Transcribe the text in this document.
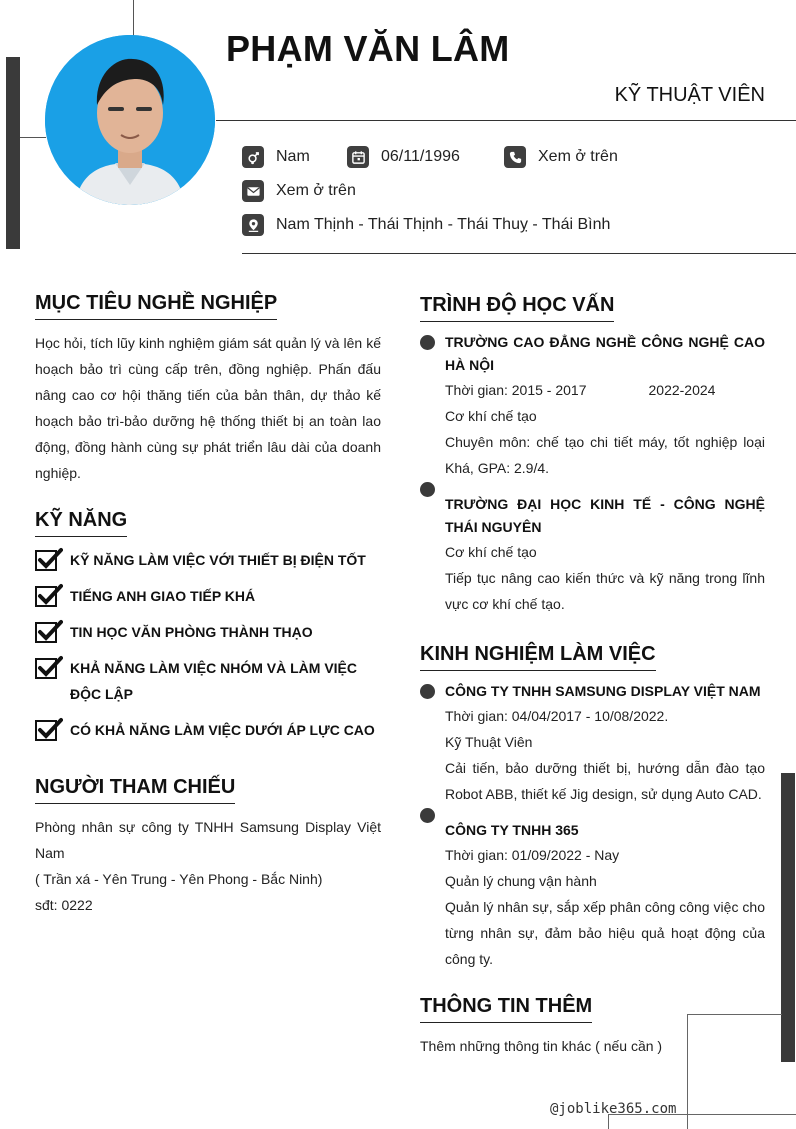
PHẠM VĂN LÂM
KỸ THUẬT VIÊN
Nam	06/11/1996	Xem ở trên
Xem ở trên
Nam Thịnh - Thái Thịnh - Thái Thuỵ - Thái Bình
MỤC TIÊU NGHỀ NGHIỆP
Học hỏi, tích lũy kinh nghiệm giám sát quản lý và lên kế hoạch bảo trì cùng cấp trên, đồng nghiệp. Phấn đấu nâng cao cơ hội thăng tiến của bản thân, dự thảo kế hoạch bảo trì-bảo dưỡng hệ thống thiết bị an toàn lao động, đồng hành cùng sự phát triển lâu dài của doanh nghiệp.
KỸ NĂNG
KỸ NĂNG LÀM VIỆC VỚI THIẾT BỊ ĐIỆN TỐT
TIẾNG ANH GIAO TIẾP KHÁ
TIN HỌC VĂN PHÒNG THÀNH THẠO
KHẢ NĂNG LÀM VIỆC NHÓM VÀ LÀM VIỆC ĐỘC LẬP
CÓ KHẢ NĂNG LÀM VIỆC DƯỚI ÁP LỰC CAO
NGƯỜI THAM CHIẾU
Phòng nhân sự công ty TNHH Samsung Display Việt Nam
( Trần xá - Yên Trung - Yên Phong - Bắc Ninh)
sđt: 0222
TRÌNH ĐỘ HỌC VẤN
TRƯỜNG CAO ĐẲNG NGHỀ CÔNG NGHỆ CAO HÀ NỘI
Thời gian: 2015 - 2017	2022-2024
Cơ khí chế tạo
Chuyên môn: chế tạo chi tiết máy, tốt nghiệp loại Khá, GPA: 2.9/4.
TRƯỜNG ĐẠI HỌC KINH TẾ - CÔNG NGHỆ THÁI NGUYÊN
Cơ khí chế tạo
Tiếp tục nâng cao kiến thức và kỹ năng trong lĩnh vực cơ khí chế tạo.
KINH NGHIỆM LÀM VIỆC
CÔNG TY TNHH SAMSUNG DISPLAY VIỆT NAM
Thời gian: 04/04/2017 - 10/08/2022.
Kỹ Thuật Viên
Cải tiến, bảo dưỡng thiết bị, hướng dẫn đào tạo Robot ABB, thiết kế Jig design, sử dụng Auto CAD.
CÔNG TY TNHH 365
Thời gian: 01/09/2022 - Nay
Quản lý chung vận hành
Quản lý nhân sự, sắp xếp phân công công việc cho từng nhân sự, đảm bảo hiệu quả hoạt động của công ty.
THÔNG TIN THÊM
Thêm những thông tin khác ( nếu cần )
@joblike365.com
